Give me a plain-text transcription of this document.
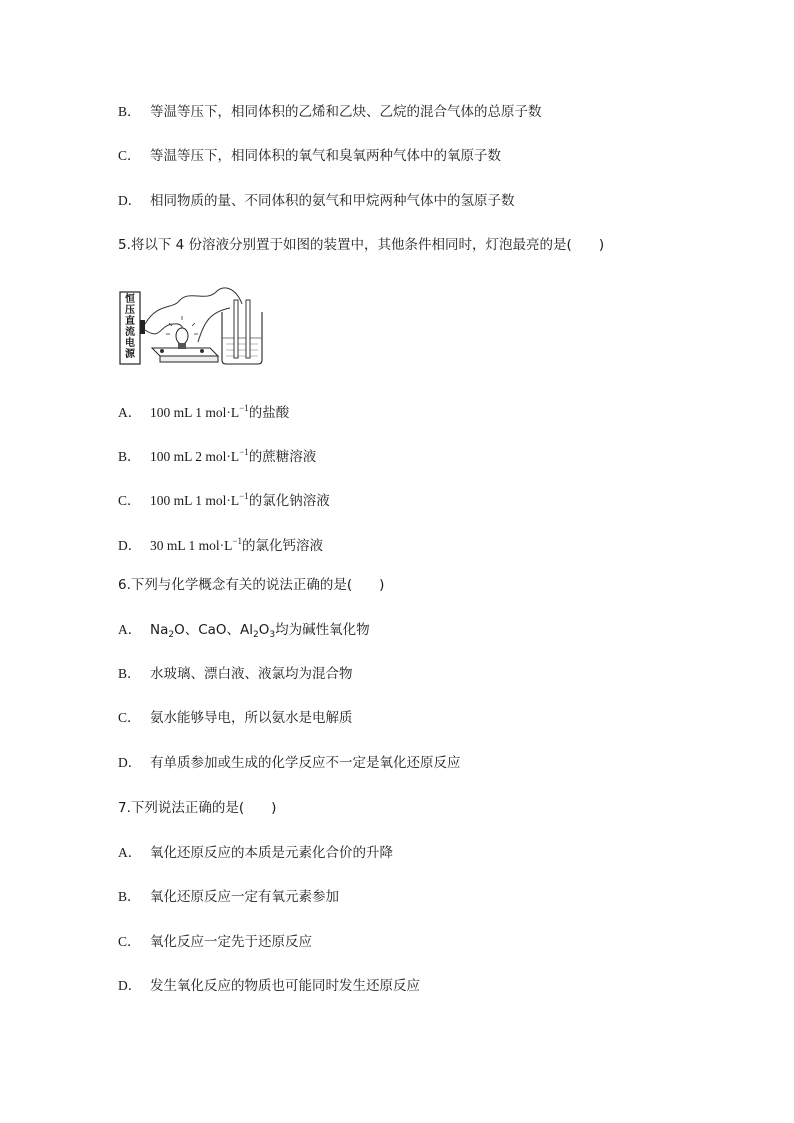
B． 等温等压下，相同体积的乙烯和乙炔、乙烷的混合气体的总原子数
C． 等温等压下，相同体积的氧气和臭氧两种气体中的氧原子数
D． 相同物质的量、不同体积的氨气和甲烷两种气体中的氢原子数
5.将以下 4 份溶液分别置于如图的装置中，其他条件相同时，灯泡最亮的是(　　)
恒压直流电源
A． 100 mL 1 $mol\cdot L^{-1}$的盐酸
B． 100 mL 2 $mol\cdot L^{-1}$的蔗糖溶液
C． 100 mL 1 $mol\cdot L^{-1}$的氯化钠溶液
D． 30 mL 1 $mol\cdot L^{-1}$的氯化钙溶液
6.下列与化学概念有关的说法正确的是(　　)
A． $Na_2O$、CaO、$Al_2O_3$均为碱性氧化物
B． 水玻璃、漂白液、液氯均为混合物
C． 氨水能够导电，所以氨水是电解质
D． 有单质参加或生成的化学反应不一定是氧化还原反应
7.下列说法正确的是(　　)
A． 氧化还原反应的本质是元素化合价的升降
B． 氧化还原反应一定有氧元素参加
C． 氧化反应一定先于还原反应
D． 发生氧化反应的物质也可能同时发生还原反应
